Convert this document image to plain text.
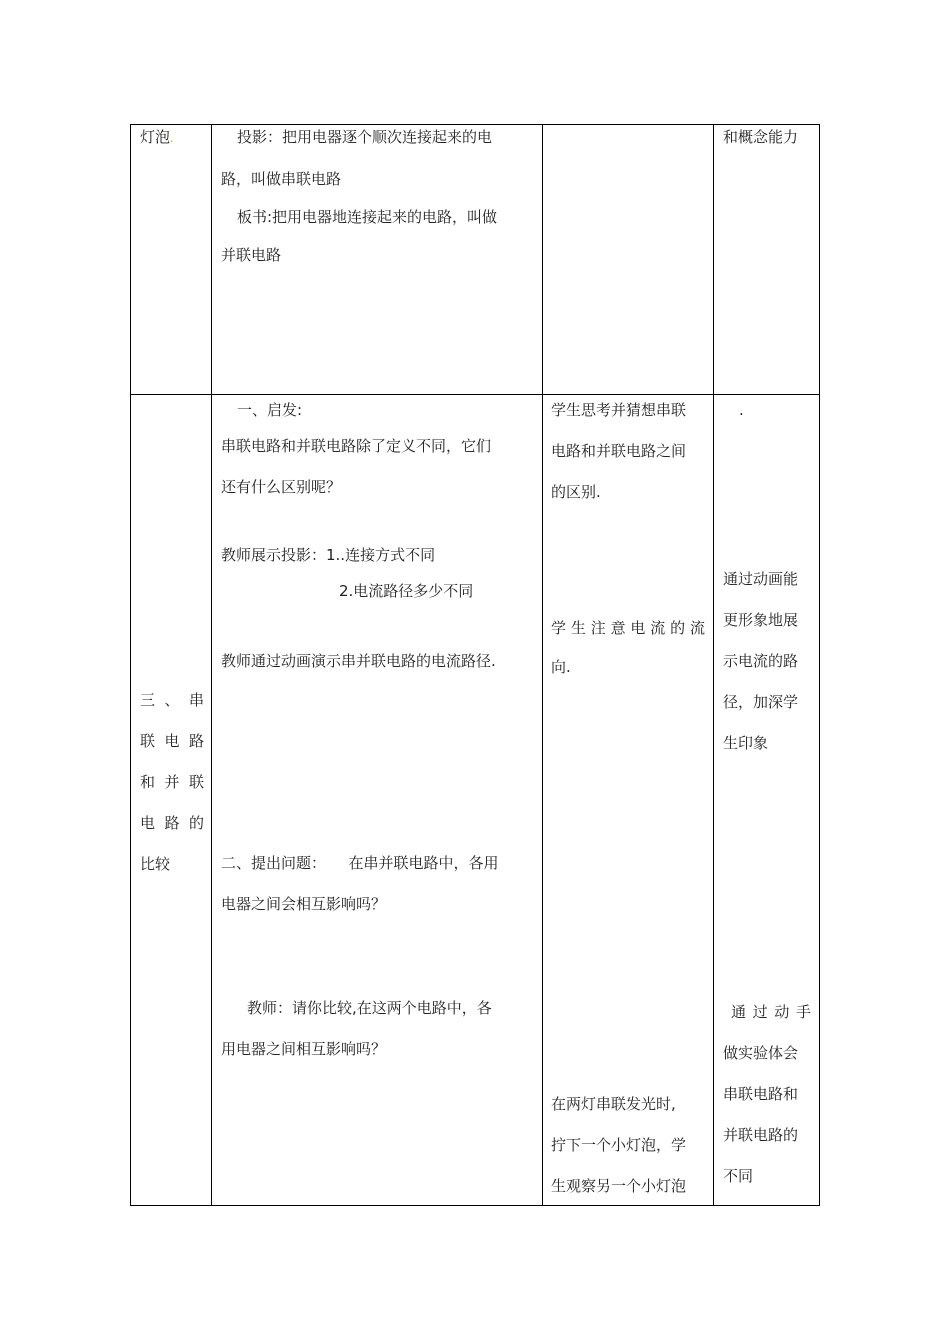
灯泡.	投影：把用电器逐个顺次连接起来的电

路，叫做串联电路

板书:把用电器地连接起来的电路，叫做

并联电路

和概念能力

三 、 串

联 电 路

和 并 联

电 路 的

比较

一、启发:

串联电路和并联电路除了定义不同，它们

还有什么区别呢？

教师展示投影：1..连接方式不同

2.电流路径多少不同

教师通过动画演示串并联电路的电流路径.

二、提出问题：　　在串并联电路中，各用

电器之间会相互影响吗？

教师：请你比较,在这两个电路中，各

用电器之间相互影响吗？

学生思考并猜想串联

电路和并联电路之间

的区别.

学生注意电流的流

向.

在两灯串联发光时,

拧下一个小灯泡，学

生观察另一个小灯泡

.

通过动画能

更形象地展

示电流的路

径，加深学

生印象

通过动手

做实验体会

串联电路和

并联电路的

不同
